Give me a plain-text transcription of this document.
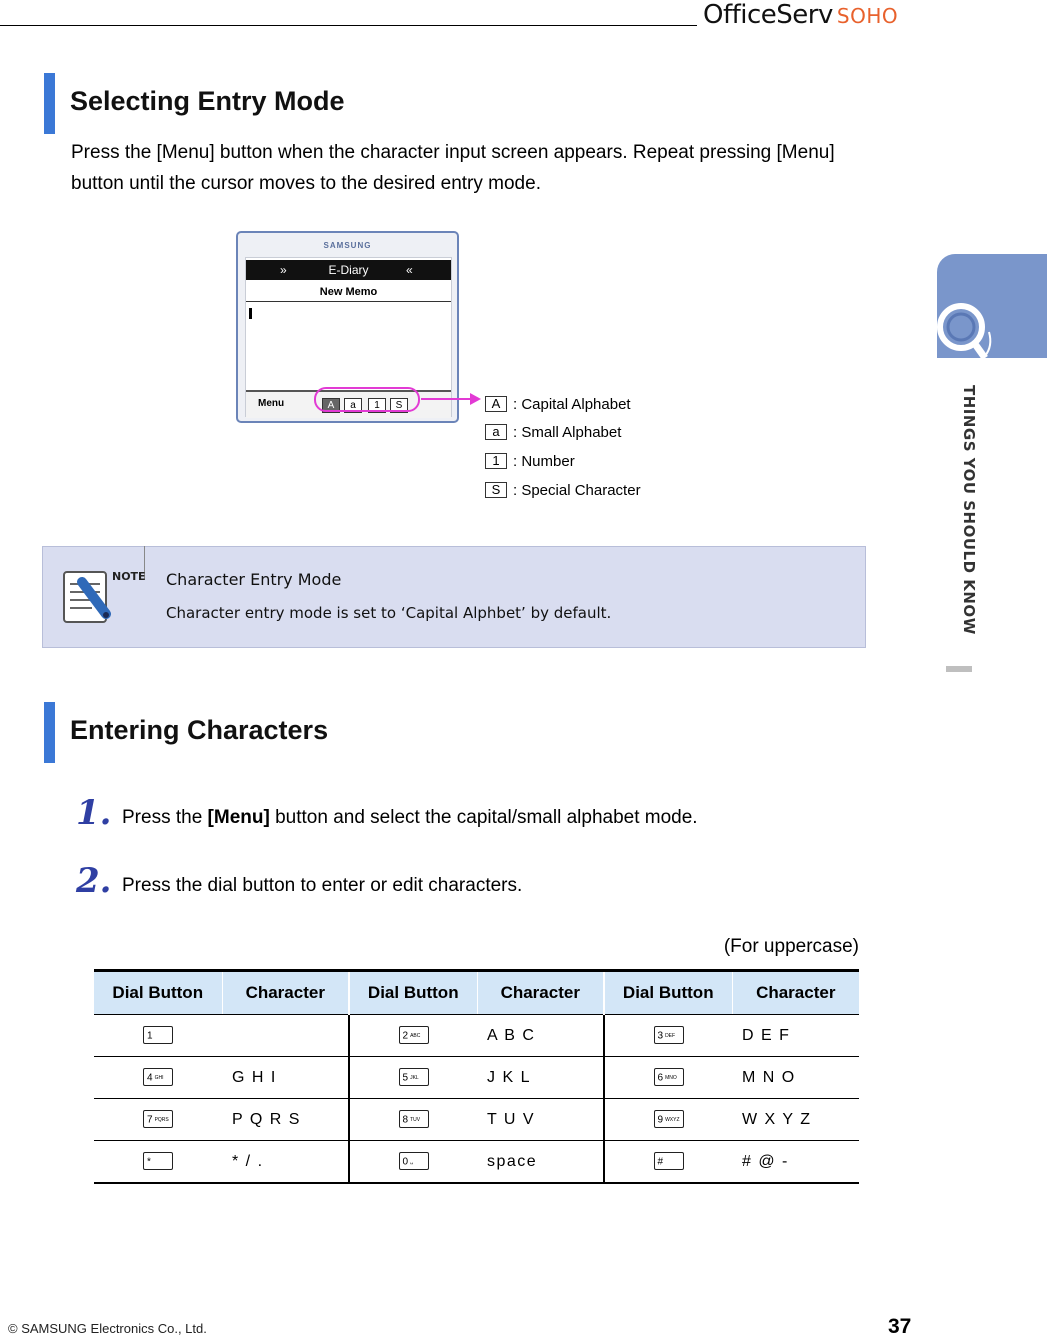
OfficeServ SOHO
THINGS YOU SHOULD KNOW
Selecting Entry Mode
Press the [Menu] button when the character input screen appears. Repeat pressing [Menu] button until the cursor moves to the desired entry mode.
SAMSUNG
»	E-Diary	«
New Memo
Menu	A	a	1	S	A : Capital Alphabet
a : Small Alphabet
1 : Number
S : Special Character
NOTE Character Entry Mode
Character entry mode is set to ‘Capital Alphbet’ by default.
Entering Characters
1. Press the [Menu] button and select the capital/small alphabet mode.
2. Press the dial button to enter or edit characters.
(For uppercase)
Dial Button	Character	Dial Button	Character	Dial Button	Character
1		2 ABC	A B C	3 DEF	D E F
4 GHI	G H I	5 JKL	J K L	6 MNO	M N O
7 PQRS	P Q R S	8 TUV	T U V	9 WXYZ	W X Y Z
*	* / .	0 ␣	space	#	# @ -
© SAMSUNG Electronics Co., Ltd.	37
